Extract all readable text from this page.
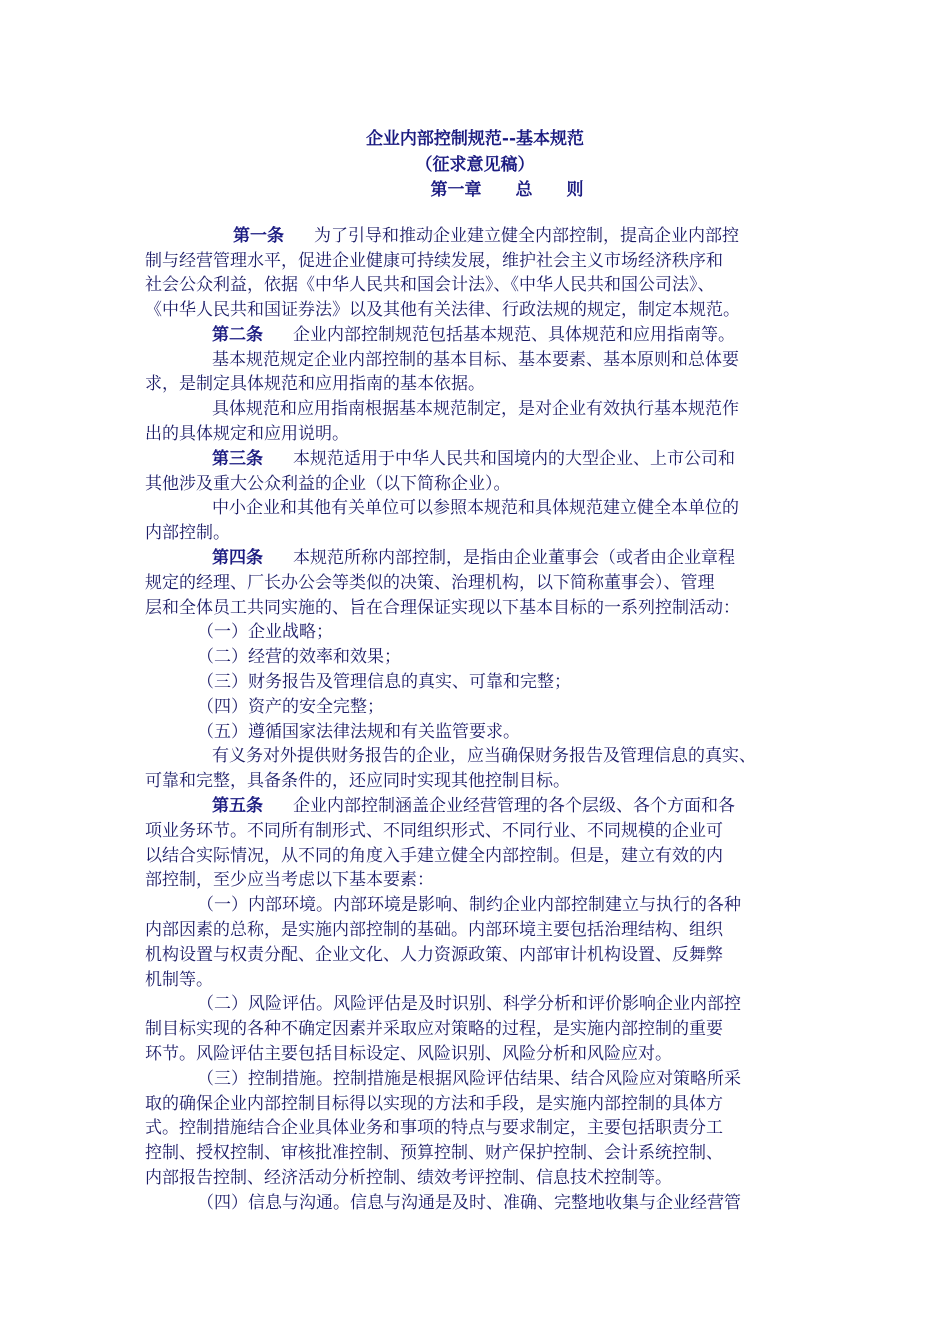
企业内部控制规范--基本规范
（征求意见稿）
第一章　　总　　则
第一条 为了引导和推动企业建立健全内部控制，提高企业内部控
制与经营管理水平，促进企业健康可持续发展，维护社会主义市场经济秩序和
社会公众利益，依据《中华人民共和国会计法》、《中华人民共和国公司法》、
《中华人民共和国证券法》以及其他有关法律、行政法规的规定，制定本规范。
第二条 企业内部控制规范包括基本规范、具体规范和应用指南等。
基本规范规定企业内部控制的基本目标、基本要素、基本原则和总体要
求，是制定具体规范和应用指南的基本依据。
具体规范和应用指南根据基本规范制定，是对企业有效执行基本规范作
出的具体规定和应用说明。
第三条 本规范适用于中华人民共和国境内的大型企业、上市公司和
其他涉及重大公众利益的企业（以下简称企业）。
中小企业和其他有关单位可以参照本规范和具体规范建立健全本单位的
内部控制。
第四条 本规范所称内部控制，是指由企业董事会（或者由企业章程
规定的经理、厂长办公会等类似的决策、治理机构，以下简称董事会）、管理
层和全体员工共同实施的、旨在合理保证实现以下基本目标的一系列控制活动：
（一）企业战略；
（二）经营的效率和效果；
（三）财务报告及管理信息的真实、可靠和完整；
（四）资产的安全完整；
（五）遵循国家法律法规和有关监管要求。
有义务对外提供财务报告的企业，应当确保财务报告及管理信息的真实、
可靠和完整，具备条件的，还应同时实现其他控制目标。
第五条 企业内部控制涵盖企业经营管理的各个层级、各个方面和各
项业务环节。不同所有制形式、不同组织形式、不同行业、不同规模的企业可
以结合实际情况，从不同的角度入手建立健全内部控制。但是，建立有效的内
部控制，至少应当考虑以下基本要素：
（一）内部环境。内部环境是影响、制约企业内部控制建立与执行的各种
内部因素的总称，是实施内部控制的基础。内部环境主要包括治理结构、组织
机构设置与权责分配、企业文化、人力资源政策、内部审计机构设置、反舞弊
机制等。
（二）风险评估。风险评估是及时识别、科学分析和评价影响企业内部控
制目标实现的各种不确定因素并采取应对策略的过程，是实施内部控制的重要
环节。风险评估主要包括目标设定、风险识别、风险分析和风险应对。
（三）控制措施。控制措施是根据风险评估结果、结合风险应对策略所采
取的确保企业内部控制目标得以实现的方法和手段，是实施内部控制的具体方
式。控制措施结合企业具体业务和事项的特点与要求制定，主要包括职责分工
控制、授权控制、审核批准控制、预算控制、财产保护控制、会计系统控制、
内部报告控制、经济活动分析控制、绩效考评控制、信息技术控制等。
（四）信息与沟通。信息与沟通是及时、准确、完整地收集与企业经营管
